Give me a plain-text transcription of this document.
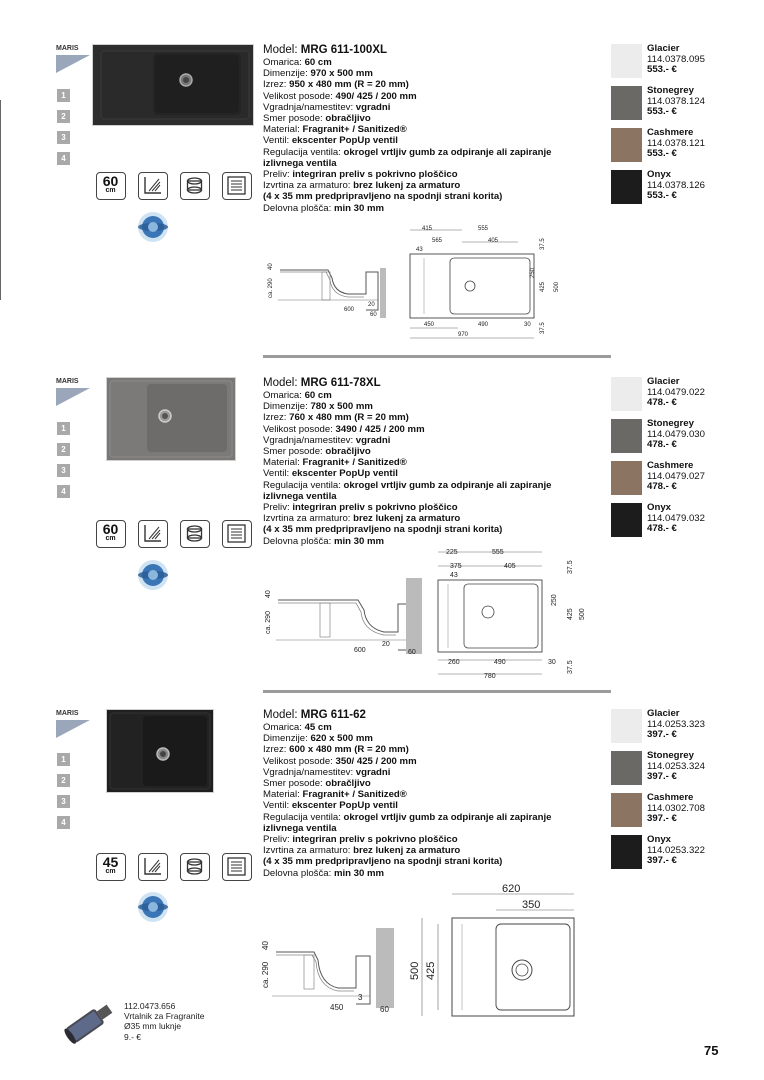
MARIS
1
2
3
4
Model: MRG 611-100XL
Omarica: 60 cm
Dimenzije: 970 x 500 mm
Izrez: 950 x 480 mm (R = 20 mm)
Velikost posode: 490/ 425 / 200 mm
Vgradnja/namestitev: vgradni
Smer posode: obračljivo
Material: Fragranit+ / Sanitized®
Ventil: ekscenter PopUp ventil
Regulacija ventila: okrogel vrtljiv gumb za odpiranje ali zapiranje
izlivnega ventila
Preliv: integriran preliv s pokrivno ploščico
Izvrtina za armaturo: brez lukenj za armaturo
(4 x 35 mm predpripravljeno na spodnji strani korita)
Delovna plošča: min 30 mm
60
cm
Glacier
114.0378.095
553.- €
Stonegrey
114.0378.124
553.- €
Cashmere
114.0378.121
553.- €
Onyx
114.0378.126
553.- €
40
ca. 290
600
20
60
415	555
565	405
43	37.5
250
425 500
37.5
450	490	30
970
MARIS
1
2
3
4
Model: MRG 611-78XL
Omarica: 60 cm
Dimenzije: 780 x 500 mm
Izrez: 760 x 480 mm (R = 20 mm)
Velikost posode: 3490 / 425 / 200 mm
Vgradnja/namestitev: vgradni
Smer posode: obračljivo
Material: Fragranit+ / Sanitized®
Ventil: ekscenter PopUp ventil
Regulacija ventila: okrogel vrtljiv gumb za odpiranje ali zapiranje
izlivnega ventila
Preliv: integriran preliv s pokrivno ploščico
Izvrtina za armaturo: brez lukenj za armaturo
(4 x 35 mm predpripravljeno na spodnji strani korita)
Delovna plošča: min 30 mm
60
cm
Glacier
114.0479.022
478.- €
Stonegrey
114.0479.030
478.- €
Cashmere
114.0479.027
478.- €
Onyx
114.0479.032
478.- €
40
ca. 290
600
20
60
225	555
375	405
43
37.5
250
425 500
37.5
260	490	30
780
MARIS
1
2
3
4
Model: MRG 611-62
Omarica: 45 cm
Dimenzije: 620 x 500 mm
Izrez: 600 x 480 mm (R = 20 mm)
Velikost posode: 350/ 425 / 200 mm
Vgradnja/namestitev: vgradni
Smer posode: obračljivo
Material: Fragranit+ / Sanitized®
Ventil: ekscenter PopUp ventil
Regulacija ventila: okrogel vrtljiv gumb za odpiranje ali zapiranje
izlivnega ventila
Preliv: integriran preliv s pokrivno ploščico
Izvrtina za armaturo: brez lukenj za armaturo
(4 x 35 mm predpripravljeno na spodnji strani korita)
Delovna plošča: min 30 mm
45
cm
Glacier
114.0253.323
397.- €
Stonegrey
114.0253.324
397.- €
Cashmere
114.0302.708
397.- €
Onyx
114.0253.322
397.- €
40
ca. 290
450
3
60
620
350
500 425
112.0473.656
Vrtalnik za Fragranite
Ø35 mm luknje
9.- €
75
